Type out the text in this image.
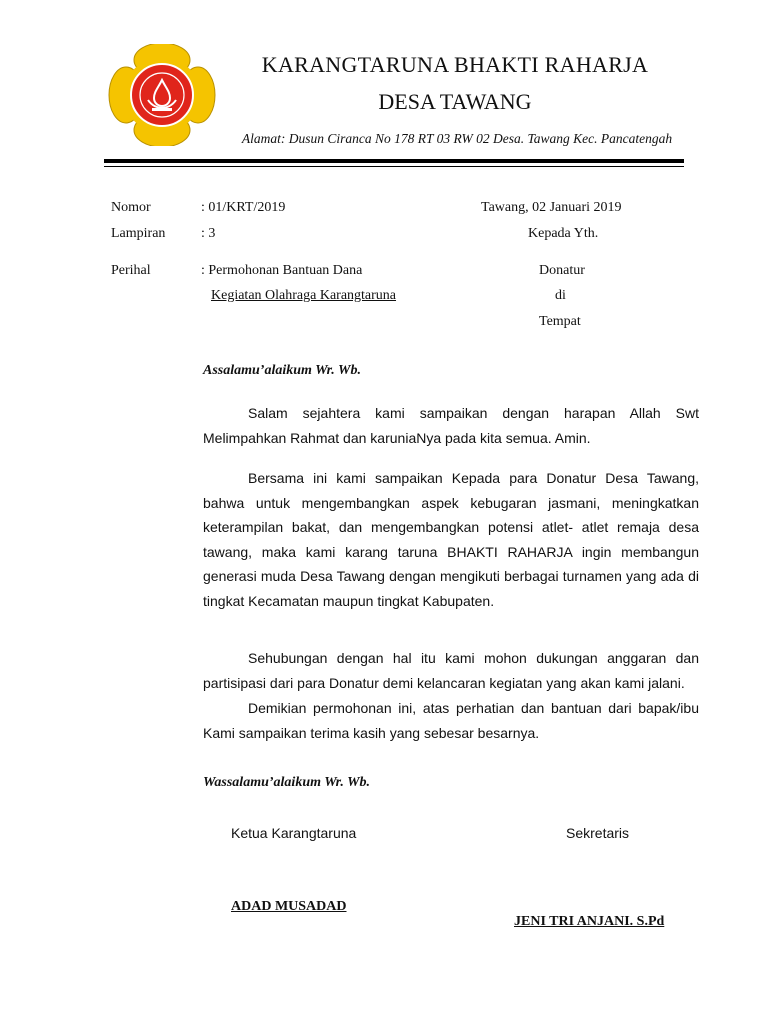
KARANGTARUNA BHAKTI RAHARJA
DESA TAWANG
Alamat: Dusun Ciranca No 178 RT 03 RW 02 Desa. Tawang Kec. Pancatengah
Nomor	: 01/KRT/2019
Lampiran	: 3
Perihal	: Permohonan Bantuan Dana
Kegiatan Olahraga Karangtaruna
Tawang, 02 Januari 2019
Kepada Yth.
Donatur
di
Tempat
Assalamu’alaikum Wr. Wb.
Salam sejahtera kami sampaikan dengan harapan Allah Swt
Melimpahkan Rahmat dan karuniaNya pada kita semua. Amin.
Bersama ini kami sampaikan Kepada para Donatur Desa Tawang, bahwa untuk mengembangkan aspek kebugaran jasmani, meningkatkan keterampilan bakat, dan mengembangkan potensi atlet- atlet remaja desa tawang, maka kami karang taruna BHAKTI RAHARJA ingin membangun generasi muda Desa Tawang dengan mengikuti berbagai turnamen yang ada di tingkat Kecamatan maupun tingkat Kabupaten.
Sehubungan dengan hal itu kami mohon dukungan anggaran dan partisipasi dari para Donatur demi kelancaran kegiatan yang akan kami jalani.
Demikian permohonan ini, atas perhatian dan bantuan dari bapak/ibu Kami sampaikan terima kasih yang sebesar besarnya.
Wassalamu’alaikum Wr. Wb.
Ketua Karangtaruna	Sekretaris
ADAD MUSADAD
JENI TRI ANJANI. S.Pd
